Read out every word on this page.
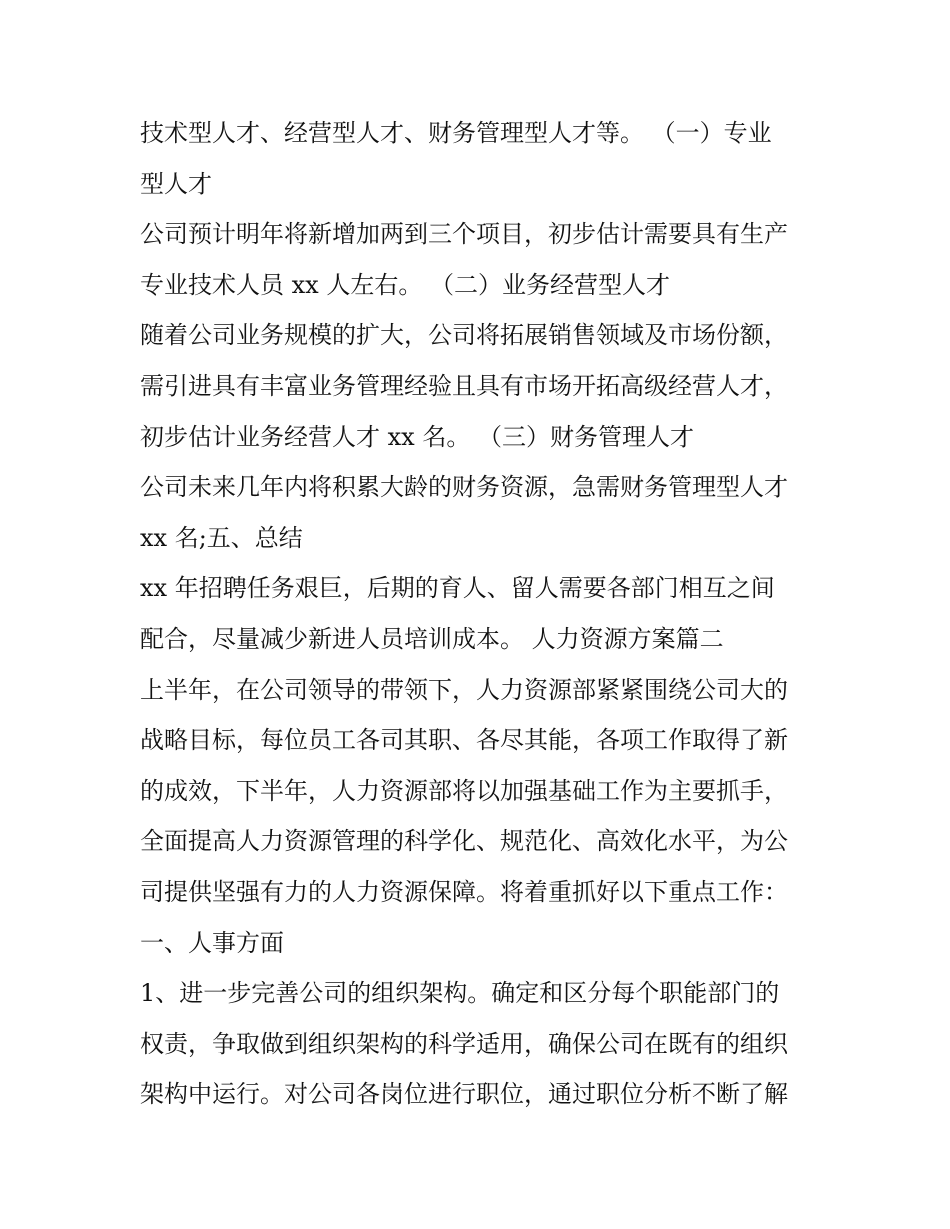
技术型人才、经营型人才、财务管理型人才等。 （一）专业
型人才
公司预计明年将新增加两到三个项目，初步估计需要具有生产
专业技术人员 xx 人左右。 （二）业务经营型人才
随着公司业务规模的扩大，公司将拓展销售领域及市场份额，
需引进具有丰富业务管理经验且具有市场开拓高级经营人才，
初步估计业务经营人才 xx 名。 （三）财务管理人才
公司未来几年内将积累大龄的财务资源，急需财务管理型人才
xx 名;五、总结
xx 年招聘任务艰巨，后期的育人、留人需要各部门相互之间
配合，尽量减少新进人员培训成本。 人力资源方案篇二
上半年，在公司领导的带领下，人力资源部紧紧围绕公司大的
战略目标，每位员工各司其职、各尽其能，各项工作取得了新
的成效，下半年，人力资源部将以加强基础工作为主要抓手，
全面提高人力资源管理的科学化、规范化、高效化水平，为公
司提供坚强有力的人力资源保障。将着重抓好以下重点工作：
一、人事方面
1、进一步完善公司的组织架构。确定和区分每个职能部门的
权责，争取做到组织架构的科学适用，确保公司在既有的组织
架构中运行。对公司各岗位进行职位，通过职位分析不断了解
